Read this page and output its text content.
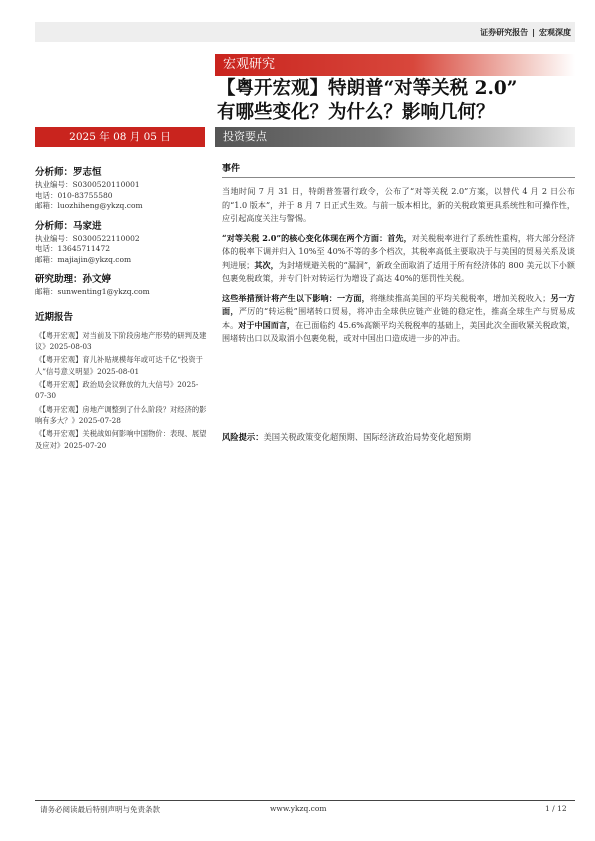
证券研究报告 | 宏观深度
宏观研究
【粤开宏观】特朗普“对等关税 2.0”
有哪些变化？为什么？影响几何？
2025 年 08 月 05 日	投资要点
分析师：罗志恒
执业编号：S0300520110001
电话：010-83755580
邮箱：luozhiheng@ykzq.com
分析师：马家进
执业编号：S0300522110002
电话：13645711472
邮箱：majiajin@ykzq.com
研究助理：孙文婷
邮箱：sunwenting1@ykzq.com
近期报告
《【粤开宏观】对当前及下阶段房地产形势的研判及建议》2025-08-03
《【粤开宏观】育儿补贴规模每年或可达千亿“投资于人”信号意义明显》2025-08-01
《【粤开宏观】政治局会议释放的九大信号》2025-07-30
《【粤开宏观】房地产调整到了什么阶段？对经济的影响有多大？》2025-07-28
《【粤开宏观】关税战如何影响中国物价：表现、展望及应对》2025-07-20
事件

当地时间 7 月 31 日，特朗普签署行政令，公布了“对等关税 2.0”方案，以替代 4 月 2 日公布的“1.0 版本”，并于 8 月 7 日正式生效。与前一版本相比，新的关税政策更具系统性和可操作性，应引起高度关注与警惕。

“对等关税 2.0”的核心变化体现在两个方面：首先，对关税税率进行了系统性重构，将大部分经济体的税率下调并归入 10%至 40%不等的多个档次，其税率高低主要取决于与美国的贸易关系及谈判进展；其次，为封堵规避关税的“漏洞”，新政全面取消了适用于所有经济体的 800 美元以下小额包裹免税政策，并专门针对转运行为增设了高达 40%的惩罚性关税。

这些举措预计将产生以下影响：一方面，将继续推高美国的平均关税税率，增加关税收入；另一方面，严厉的“转运税”围堵转口贸易，将冲击全球供应链产业链的稳定性，推高全球生产与贸易成本。对于中国而言，在已面临约 45.6%高额平均关税税率的基础上，美国此次全面收紧关税政策，围堵转出口以及取消小包裹免税，或对中国出口造成进一步的冲击。

风险提示：美国关税政策变化超预期、国际经济政治局势变化超预期
请务必阅读最后特别声明与免责条款	www.ykzq.com	1 / 12
